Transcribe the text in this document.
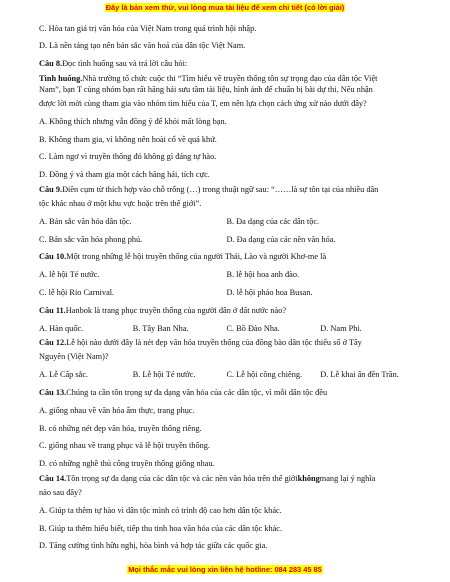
Đây là bản xem thử, vui lòng mua tài liệu để xem chi tiết (có lời giải)
C. Hòa tan giá trị văn hóa của Việt Nam trong quá trình hội nhập.
D. Là nền tảng tạo nên bản sắc văn hoá của dân tộc Việt Nam.
Câu 8. Đọc tình huống sau và trả lời câu hỏi:
Tình huống. Nhà trường tổ chức cuộc thi “Tìm hiểu về truyền thống tôn sự trọng đạo của dân tộc Việt
Nam”, bạn T cùng nhóm bạn rất hăng hái sưu tầm tài liệu, hình ảnh để chuẩn bị bài dự thi. Nếu nhận
được lời mời cùng tham gia vào nhóm tìm hiểu của T, em nên lựa chọn cách ứng xử nào dưới đây?
A. Không thích nhưng vẫn đồng ý để khỏi mất lòng bạn.
B. Không tham gia, vì không nên hoài cổ về quá khứ.
C. Làm ngơ vì truyền thống đó không gì đáng tự hào.
D. Đồng ý và tham gia một cách hăng hái, tích cực.
Câu 9. Điền cụm từ thích hợp vào chỗ trống (…) trong thuật ngữ sau: “……là sự tôn tại của nhiều dân
tộc khác nhau ở một khu vực hoặc trên thế giới”.
A. Bản sắc văn hóa dân tộc.	B. Đa dạng của các dân tộc.
C. Bản sắc văn hóa phong phú.	D. Đa dạng của các nền văn hóa.
Câu 10. Một trong những lễ hội truyền thống của người Thái, Lào và người Khơ-me là
A. lễ hội Té nước.	B. lễ hội hoa anh đào.
C. lễ hội Rio Carnival.	D. lễ hội pháo hoa Busan.
Câu 11. Hanbok là trang phục truyền thống của người dân ở đất nước nào?
A. Hàn quốc.	B. Tây Ban Nha.	C. Bồ Đào Nha.	D. Nam Phi.
Câu 12. Lễ hội nào dưới đây là nét đẹp văn hóa truyền thống của đồng bào dân tộc thiểu số ở Tây
Nguyên (Việt Nam)?
A. Lễ Cấp sắc.	B. Lễ hội Té nước.	C. Lễ hội cồng chiêng.	D. Lễ khai ấn đền Trần.
Câu 13. Chúng ta cần tôn trọng sự đa dạng văn hóa của các dân tộc, vì mỗi dân tộc đều
A. giống nhau về văn hóa ẩm thực, trang phục.
B. có những nét đẹp văn hóa, truyền thống riêng.
C. giống nhau về trang phục và lễ hội truyền thống.
D. có những nghề thủ công truyền thống giống nhau.
Câu 14. Tôn trọng sự đa dạng của các dân tộc và các nền văn hóa trên thế giới không mang lại ý nghĩa
nào sau đây?
A. Giúp ta thêm tự hào vì dân tộc mình có trình độ cao hơn dân tộc khác.
B. Giúp ta thêm hiểu biết, tiếp thu tinh hoa văn hóa của các dân tộc khác.
D. Tăng cường tình hữu nghị, hòa bình và hợp tác giữa các quốc gia.
Mọi thắc mắc vui lòng xin liên hệ hotline: 084 283 45 85
